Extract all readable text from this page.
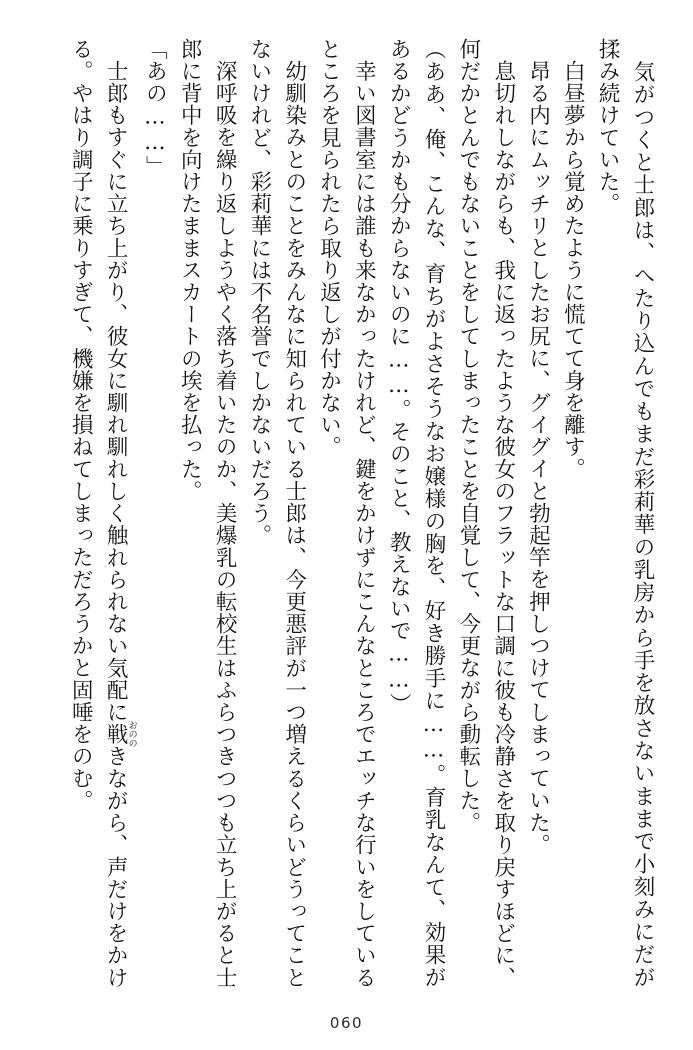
　気がつくと士郎は、へたり込んでもまだ彩莉華の乳房から手を放さないままで小刻みにだが揉み続けていた。

白昼夢から覚めたように慌てて身を離す。

昂る内にムッチリとしたお尻に、グイグイと勃起竿を押しつけてしまっていた。

息切れしながらも、我に返ったような彼女のフラットな口調に彼も冷静さを取り戻すほどに、何だかとんでもないことをしてしまったことを自覚して、今更ながら動転した。

（ああ、俺、こんな、育ちがよさそうなお嬢様の胸を、好き勝手に……。育乳なんて、効果があるかどうかも分からないのに……。そのこと、教えないで……）

幸い図書室には誰も来なかったけれど、鍵をかけずにこんなところでエッチな行いをしているところを見られたら取り返しが付かない。

幼馴染みとのことをみんなに知られている士郎は、今更悪評が一つ増えるくらいどうってことないけれど、彩莉華には不名誉でしかないだろう。

深呼吸を繰り返しようやく落ち着いたのか、美爆乳の転校生はふらつきつつも立ち上がると士郎に背中を向けたままスカートの埃を払った。

「あの……」

士郎もすぐに立ち上がり、彼女に馴れ馴れしく触れられない気配に戦おののきながら、声だけをかける。やはり調子に乗りすぎて、機嫌を損ねてしまっただろうかと固唾をのむ。

060
